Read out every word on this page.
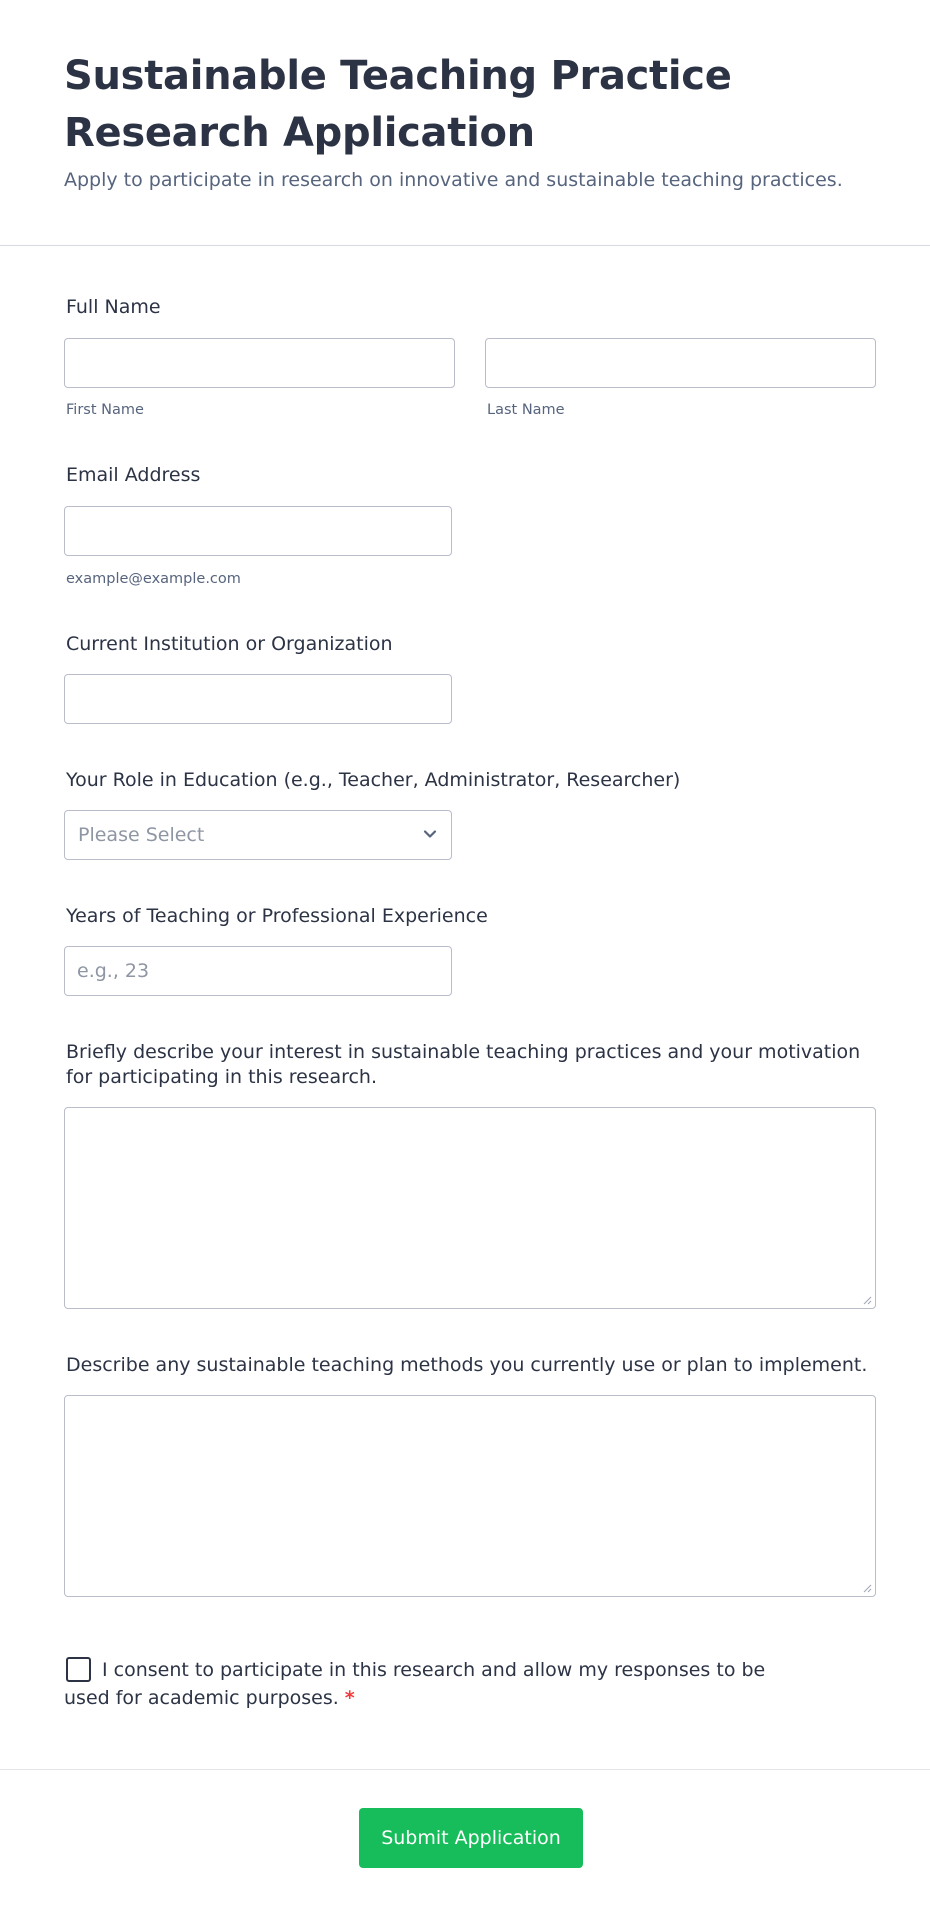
Sustainable Teaching Practice Research Application

Apply to participate in research on innovative and sustainable teaching practices.

Full Name
First Name	Last Name
Email Address
example@example.com
Current Institution or Organization
Your Role in Education (e.g., Teacher, Administrator, Researcher)
Please Select
Years of Teaching or Professional Experience
e.g., 23
Briefly describe your interest in sustainable teaching practices and your motivation for participating in this research.
Describe any sustainable teaching methods you currently use or plan to implement.

I consent to participate in this research and allow my responses to be used for academic purposes. *

Submit Application
